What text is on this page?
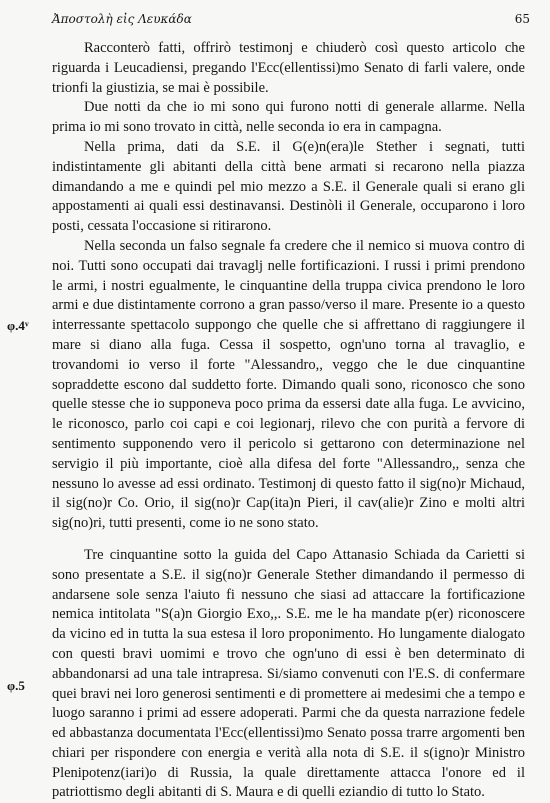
Ἀποστολὴ εἰς Λευκάδα	65
φ.4ᵛ
φ.5

Racconterò fatti, offrirò testimonj e chiuderò così questo articolo che riguarda i Leucadiensi, pregando l'Ecc(ellentissi)mo Senato di farli valere, onde trionfi la giustizia, se mai è possibile.

Due notti da che io mi sono qui furono notti di generale allarme. Nella prima io mi sono trovato in città, nelle seconda io era in campagna.

Nella prima, dati da S.E. il G(e)n(era)le Stether i segnati, tutti indistintamente gli abitanti della città bene armati si recarono nella piazza dimandando a me e quindi pel mio mezzo a S.E. il Generale quali si erano gli appostamenti ai quali essi destinavansi. Destinòli il Generale, occuparono i loro posti, cessata l'occasione si ritirarono.

Nella seconda un falso segnale fa credere che il nemico si muova contro di noi. Tutti sono occupati dai travaglj nelle fortificazioni. I russi i primi prendono le armi, i nostri egualmente, le cinquantine della truppa civica prendono le loro armi e due distintamente corrono a gran passo/verso il mare. Presente io a questo interressante spettacolo suppongo che quelle che si affrettano di raggiungere il mare si diano alla fuga. Cessa il sospetto, ogn'uno torna al travaglio, e trovandomi io verso il forte "Alessandro,, veggo che le due cinquantine sopraddette escono dal suddetto forte. Dimando quali sono, riconosco che sono quelle stesse che io supponeva poco prima da essersi date alla fuga. Le avvicino, le riconosco, parlo coi capi e coi legionarj, rilevo che con purità a fervore di sentimento supponendo vero il pericolo si gettarono con determinazione nel servigio il più importante, cioè alla difesa del forte "Allessandro,, senza che nessuno lo avesse ad essi ordinato. Testimonj di questo fatto il sig(no)r Michaud, il sig(no)r Co. Orio, il sig(no)r Cap(ita)n Pieri, il cav(alie)r Zino e molti altri sig(no)ri, tutti presenti, come io ne sono stato.

Tre cinquantine sotto la guida del Capo Attanasio Schiada da Carietti si sono presentate a S.E. il sig(no)r Generale Stether dimandando il permesso di andarsene sole senza l'aiuto fi nessuno che siasi ad attaccare la fortificazione nemica intitolata "S(a)n Giorgio Exo,,. S.E. me le ha mandate p(er) riconoscere da vicino ed in tutta la sua estesa il loro proponimento. Ho lungamente dialogato con questi bravi uomimi e trovo che ogn'uno di essi è ben determinato di abbandonarsi ad una tale intrapresa. Si/siamo convenuti con l'E.S. di confermare quei bravi nei loro generosi sentimenti e di promettere ai medesimi che a tempo e luogo saranno i primi ad essere adoperati. Parmi che da questa narrazione fedele ed abbastanza documentata l'Ecc(ellentissi)mo Senato possa trarre argomenti ben chiari per rispondere con energia e verità alla nota di S.E. il s(igno)r Ministro Plenipotenz(iari)o di Russia, la quale direttamente attacca l'onore ed il patriottismo degli abitanti di S. Maura e di quelli eziandio di tutto lo Stato.
